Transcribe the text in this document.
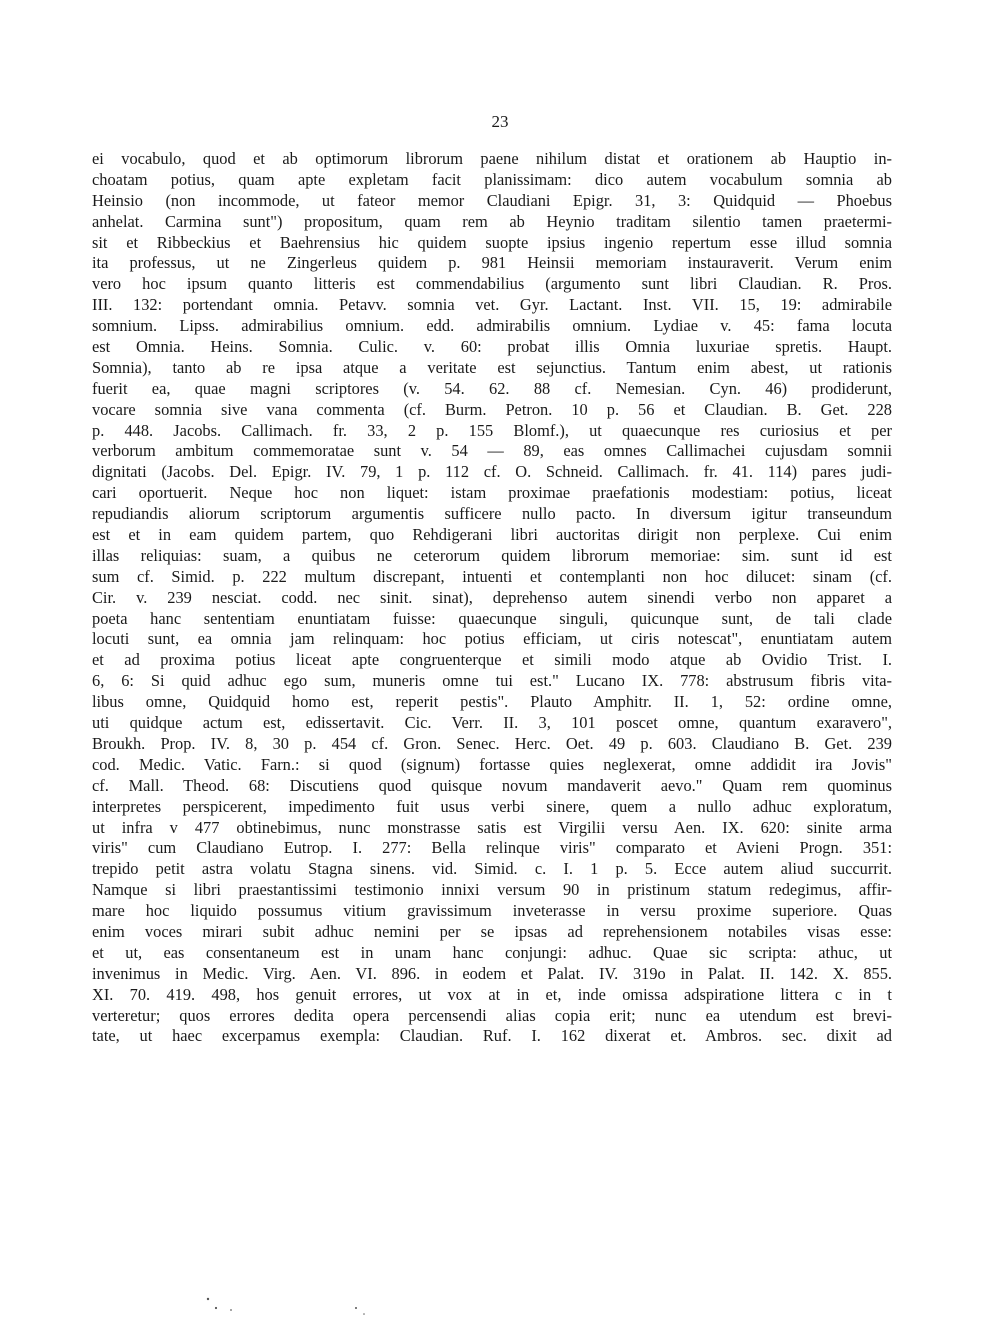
23
ei vocabulo, quod et ab optimorum librorum paene nihilum distat et orationem ab Hauptio in-
choatam potius, quam apte expletam facit planissimam: dico autem vocabulum somnia ab
Heinsio (non incommode, ut fateor memor Claudiani Epigr. 31, 3: Quidquid — Phoebus
anhelat. Carmina sunt") propositum, quam rem ab Heynio traditam silentio tamen praetermi-
sit et Ribbeckius et Baehrensius hic quidem suopte ipsius ingenio repertum esse illud somnia
ita professus, ut ne Zingerleus quidem p. 981 Heinsii memoriam instauraverit. Verum enim
vero hoc ipsum quanto litteris est commendabilius (argumento sunt libri Claudian. R. Pros.
III. 132: portendant omnia. Petavv. somnia vet. Gyr. Lactant. Inst. VII. 15, 19: admirabile
somnium. Lipss. admirabilius omnium. edd. admirabilis omnium. Lydiae v. 45: fama locuta
est Omnia. Heins. Somnia. Culic. v. 60: probat illis Omnia luxuriae spretis. Haupt.
Somnia), tanto ab re ipsa atque a veritate est sejunctius. Tantum enim abest, ut rationis
fuerit ea, quae magni scriptores (v. 54. 62. 88 cf. Nemesian. Cyn. 46) prodiderunt,
vocare somnia sive vana commenta (cf. Burm. Petron. 10 p. 56 et Claudian. B. Get. 228
p. 448. Jacobs. Callimach. fr. 33, 2 p. 155 Blomf.), ut quaecunque res curiosius et per
verborum ambitum commemoratae sunt v. 54 — 89, eas omnes Callimachei cujusdam somnii
dignitati (Jacobs. Del. Epigr. IV. 79, 1 p. 112 cf. O. Schneid. Callimach. fr. 41. 114) pares judi-
cari oportuerit. Neque hoc non liquet: istam proximae praefationis modestiam: potius, liceat
repudiandis aliorum scriptorum argumentis sufficere nullo pacto. In diversum igitur transeundum
est et in eam quidem partem, quo Rehdigerani libri auctoritas dirigit non perplexe. Cui enim
illas reliquias: suam, a quibus ne ceterorum quidem librorum memoriae: sim. sunt id est
sum cf. Simid. p. 222 multum discrepant, intuenti et contemplanti non hoc dilucet: sinam (cf.
Cir. v. 239 nesciat. codd. nec sinit. sinat), deprehenso autem sinendi verbo non apparet a
poeta hanc sententiam enuntiatam fuisse: quaecunque singuli, quicunque sunt, de tali clade
locuti sunt, ea omnia jam relinquam: hoc potius efficiam, ut ciris notescat", enuntiatam autem
et ad proxima potius liceat apte congruenterque et simili modo atque ab Ovidio Trist. I.
6, 6: Si quid adhuc ego sum, muneris omne tui est." Lucano IX. 778: abstrusum fibris vita-
libus omne, Quidquid homo est, reperit pestis". Plauto Amphitr. II. 1, 52: ordine omne,
uti quidque actum est, edissertavit. Cic. Verr. II. 3, 101 poscet omne, quantum exaravero",
Broukh. Prop. IV. 8, 30 p. 454 cf. Gron. Senec. Herc. Oet. 49 p. 603. Claudiano B. Get. 239
cod. Medic. Vatic. Farn.: si quod (signum) fortasse quies neglexerat, omne addidit ira Jovis"
cf. Mall. Theod. 68: Discutiens quod quisque novum mandaverit aevo." Quam rem quominus
interpretes perspicerent, impedimento fuit usus verbi sinere, quem a nullo adhuc exploratum,
ut infra v 477 obtinebimus, nunc monstrasse satis est Virgilii versu Aen. IX. 620: sinite arma
viris" cum Claudiano Eutrop. I. 277: Bella relinque viris" comparato et Avieni Progn. 351:
trepido petit astra volatu Stagna sinens. vid. Simid. c. I. 1 p. 5. Ecce autem aliud succurrit.
Namque si libri praestantissimi testimonio innixi versum 90 in pristinum statum redegimus, affir-
mare hoc liquido possumus vitium gravissimum inveterasse in versu proxime superiore. Quas
enim voces mirari subit adhuc nemini per se ipsas ad reprehensionem notabiles visas esse:
et ut, eas consentaneum est in unam hanc conjungi: adhuc. Quae sic scripta: athuc, ut
invenimus in Medic. Virg. Aen. VI. 896. in eodem et Palat. IV. 319o in Palat. II. 142. X. 855.
XI. 70. 419. 498, hos genuit errores, ut vox at in et, inde omissa adspiratione littera c in t
verteretur; quos errores dedita opera percensendi alias copia erit; nunc ea utendum est brevi-
tate, ut haec excerpamus exempla: Claudian. Ruf. I. 162 dixerat et. Ambros. sec. dixit ad
